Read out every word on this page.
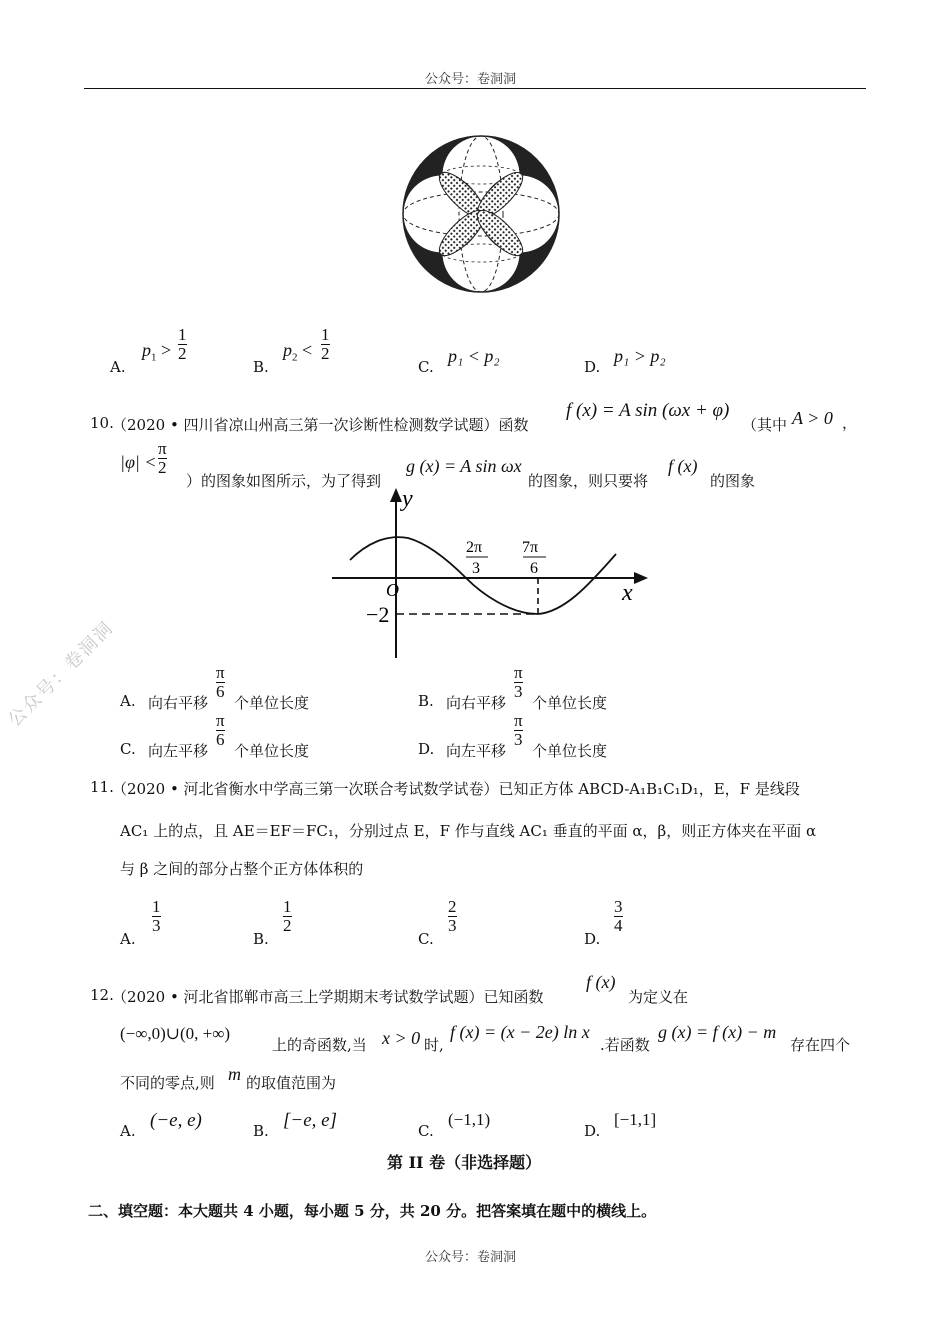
公众号：卷洞洞
公众号：卷洞洞
A.
$p_1$ >
1
2
B.
$p_2$ <
1
2
C.
p₁ < p₂
D.
p₁ > p₂
10.
（2020 • 四川省凉山州高三第一次诊断性检测数学试题）函数
f (x) = A sin (ωx + φ)
（其中 A > 0 ，
|φ| <
π
2
）的图象如图所示，为了得到
g (x) = A sin ωx
的图象，则只要将
f (x)
的图象
y
x
O
−2
2π
3
7π
6
A. 向右平移
π
6
个单位长度	B. 向右平移
π
3
个单位长度
C. 向左平移
π
6
个单位长度	D. 向左平移
π
3
个单位长度
11.
（2020 • 河北省衡水中学高三第一次联合考试数学试卷）已知正方体 ABCD-A₁B₁C₁D₁，E，F 是线段
AC₁ 上的点，且 AE＝EF＝FC₁，分别过点 E，F 作与直线 AC₁ 垂直的平面 α，β，则正方体夹在平面 α
与 β 之间的部分占整个正方体体积的
A.
1
3
B.
1
2
C.
2
3
D.
3
4
12.
（2020 • 河北省邯郸市高三上学期期末考试数学试题）已知函数
f (x)
为定义在
(−∞,0)∪(0, +∞)
上的奇函数,当 x > 0 时,
f (x) = (x − 2e) ln x
.若函数
g (x) = f (x) − m
存在四个
不同的零点,则 m 的取值范围为
A. (−e, e)	B. [−e, e]	C.
(−1,1)
D.
[−1,1]
第 II 卷（非选择题）
二、填空题：本大题共 4 小题，每小题 5 分，共 20 分。把答案填在题中的横线上。
公众号：卷洞洞
